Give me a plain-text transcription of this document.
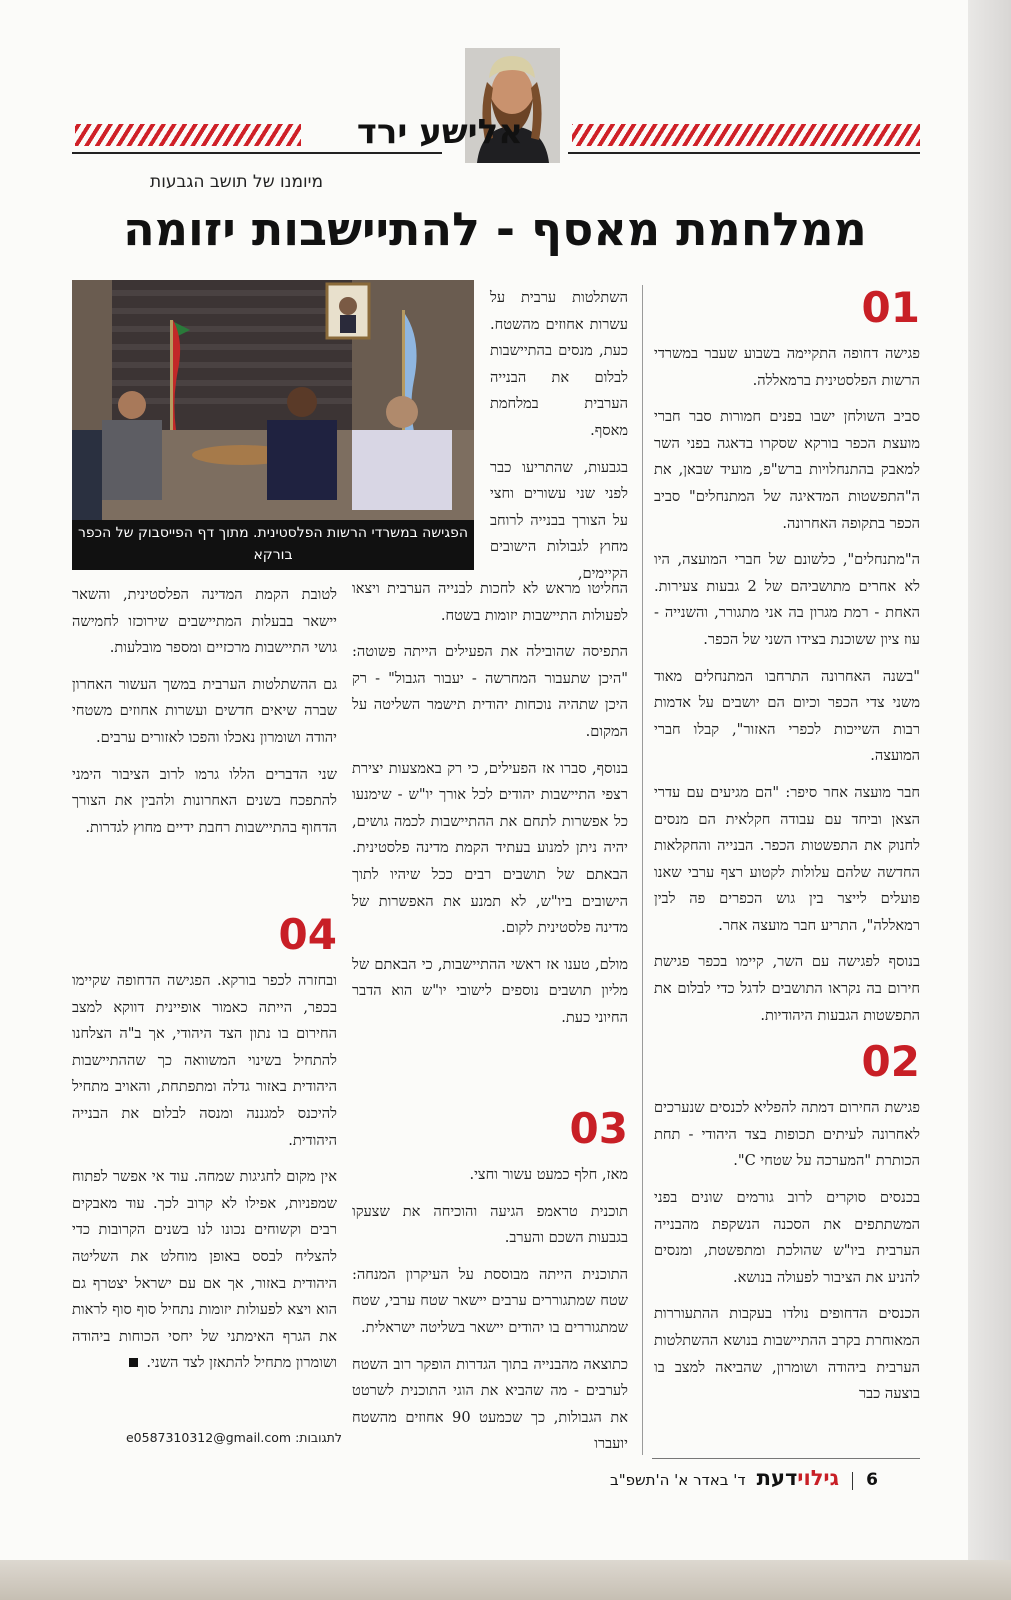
אלישע ירד
מיומנו של תושב הגבעות
ממלחמת מאסף - להתיישבות יזומה

01

פגישה דחופה התקיימה בשבוע שעבר במשרדי הרשות הפלסטינית ברמאללה.

סביב השולחן ישבו בפנים חמורות סבר חברי מועצת הכפר בורקא שסקרו בדאגה בפני השר למאבק בהתנחלויות ברש"פ, מועיד שבאן, את ה"התפשטות המדאיגה של המתנחלים" סביב הכפר בתקופה האחרונה.

ה"מתנחלים", כלשונם של חברי המועצה, היו לא אחרים מתושביהם של 2 גבעות צעירות. האחת - רמת מגרון בה אני מתגורר, והשנייה - עוז ציון ששוכנת בצידו השני של הכפר.

"בשנה האחרונה התרחבו המתנחלים מאוד משני צדי הכפר וכיום הם יושבים על אדמות רבות השייכות לכפרי האזור", קבלו חברי המועצה.

חבר מועצה אחר סיפר: "הם מגיעים עם עדרי הצאן וביחד עם עבודה חקלאית הם מנסים לחנוק את התפשטות הכפר. הבנייה והחקלאות החדשה שלהם עלולות לקטוע רצף ערבי שאנו פועלים לייצר בין גוש הכפרים פה לבין רמאללה", התריע חבר מועצה אחר.

בנוסף לפגישה עם השר, קיימו בכפר פגישת חירום בה נקראו התושבים לדגל כדי לבלום את התפשטות הגבעות היהודיות.

02

פגישת החירום דמתה להפליא לכנסים שנערכים לאחרונה לעיתים תכופות בצד היהודי - תחת הכותרת "המערכה על שטחי C".

בכנסים סוקרים לרוב גורמים שונים בפני המשתתפים את הסכנה הנשקפת מהבנייה הערבית ביו"ש שהולכת ומתפשטת, ומנסים להניע את הציבור לפעולה בנושא.

הכנסים הדחופים נולדו בעקבות ההתעוררות המאוחרת בקרב ההתיישבות בנושא ההשתלטות הערבית ביהודה ושומרון, שהביאה למצב בו בוצעה כבר

השתלטות ערבית על עשרות אחוזים מהשטח. כעת, מנסים בהתיישבות לבלום את הבנייה הערבית במלחמת מאסף.

בגבעות, שהתריעו כבר לפני שני עשורים וחצי על הצורך בבנייה לרוחב מחוץ לגבולות הישובים הקיימים,

החליטו מראש לא לחכות לבנייה הערבית ויצאו לפעולות התיישבות יזומות בשטח.

התפיסה שהובילה את הפעילים הייתה פשוטה: "היכן שתעבור המחרשה - יעבור הגבול" - רק היכן שתהיה נוכחות יהודית תישמר השליטה על המקום.

בנוסף, סברו אז הפעילים, כי רק באמצעות יצירת רצפי התיישבות יהודים לכל אורך יו"ש - שימנעו כל אפשרות לתחם את ההתיישבות לכמה גושים, יהיה ניתן למנוע בעתיד הקמת מדינה פלסטינית. הבאתם של תושבים רבים ככל שיהיו לתוך הישובים ביו"ש, לא תמנע את האפשרות של מדינה פלסטינית לקום.

מולם, טענו אז ראשי ההתיישבות, כי הבאתם של מליון תושבים נוספים לישובי יו"ש הוא הדבר החיוני כעת.

03

מאז, חלף כמעט עשור וחצי.

תוכנית טראמפ הגיעה והוכיחה את שצעקו בגבעות השכם והערב.

התוכנית הייתה מבוססת על העיקרון המנחה: שטח שמתגוררים ערבים יישאר שטח ערבי, שטח שמתגוררים בו יהודים יישאר בשליטה ישראלית.

כתוצאה מהבנייה בתוך הגדרות הופקר רוב השטח לערבים - מה שהביא את הוגי התוכנית לשרטט את הגבולות, כך שכמעט 90 אחוזים מהשטח יועברו

הפגישה במשרדי הרשות הפלסטינית. מתוך דף הפייסבוק של הכפר בורקא

לטובת הקמת המדינה הפלסטינית, והשאר יישאר בבעלות המתיישבים שירוכזו לחמישה גושי התיישבות מרכזיים ומספר מובלעות.

גם ההשתלטות הערבית במשך העשור האחרון שברה שיאים חדשים ועשרות אחוזים משטחי יהודה ושומרון נאכלו והפכו לאזורים ערבים.

שני הדברים הללו גרמו לרוב הציבור הימני להתפכח בשנים האחרונות ולהבין את הצורך הדחוף בהתיישבות רחבת ידיים מחוץ לגדרות.

04

ובחזרה לכפר בורקא. הפגישה הדחופה שקיימו בכפר, הייתה כאמור אופיינית דווקא למצב החירום בו נתון הצד היהודי, אך ב"ה הצלחנו להתחיל בשינוי המשוואה כך שההתיישבות היהודית באזור גדלה ומתפתחת, והאויב מתחיל להיכנס למגננה ומנסה לבלום את הבנייה היהודית.

אין מקום לחגיגות שמחה. עוד אי אפשר לפתוח שמפניות, אפילו לא קרוב לכך. עוד מאבקים רבים וקשוחים נכונו לנו בשנים הקרובות כדי להצליח לבסס באופן מוחלט את השליטה היהודית באזור, אך אם עם ישראל יצטרף גם הוא ויצא לפעולות יזומות נתחיל סוף סוף לראות את הגרף האימתני של יחסי הכוחות ביהודה ושומרון מתחיל להתאזן לצד השני.

לתגובות: e0587310312@gmail.com
6  גילוידעת ד' באדר א' ה'תשפ"ב
